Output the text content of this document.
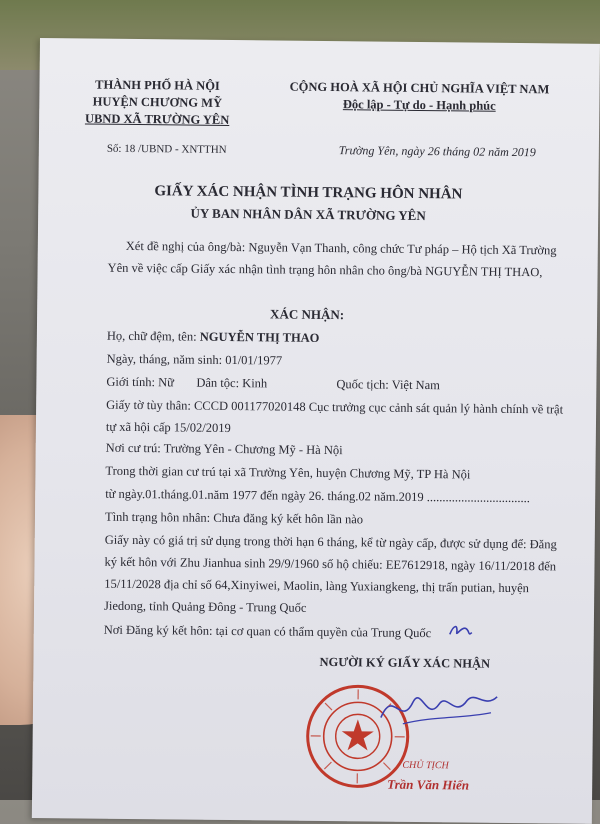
THÀNH PHỐ HÀ NỘI
HUYỆN CHƯƠNG MỸ
UBND XÃ TRƯỜNG YÊN
CỘNG HOÀ XÃ HỘI CHỦ NGHĨA VIỆT NAM
Độc lập - Tự do - Hạnh phúc
Số: 18 /UBND - XNTTHN	Trường Yên, ngày 26 tháng 02 năm 2019
GIẤY XÁC NHẬN TÌNH TRẠNG HÔN NHÂN
ỦY BAN NHÂN DÂN XÃ TRƯỜNG YÊN
Xét đề nghị của ông/bà: Nguyễn Vạn Thanh, công chức Tư pháp – Hộ tịch Xã Trường Yên về việc cấp Giấy xác nhận tình trạng hôn nhân cho ông/bà NGUYỄN THỊ THAO,
XÁC NHẬN:
Họ, chữ đệm, tên: NGUYỄN THỊ THAO
Ngày, tháng, năm sinh: 01/01/1977
Giới tính: Nữ Dân tộc: Kinh	Quốc tịch: Việt Nam
Giấy tờ tùy thân: CCCD 001177020148 Cục trưởng cục cảnh sát quản lý hành chính về trật tự xã hội cấp 15/02/2019
Nơi cư trú: Trường Yên - Chương Mỹ - Hà Nội
Trong thời gian cư trú tại xã Trường Yên, huyện Chương Mỹ, TP Hà Nội
từ ngày.01.tháng.01.năm 1977 đến ngày 26. tháng.02 năm.2019 .................................
Tình trạng hôn nhân: Chưa đăng ký kết hôn lần nào
Giấy này có giá trị sử dụng trong thời hạn 6 tháng, kể từ ngày cấp, được sử dụng để: Đăng ký kết hôn với Zhu Jianhua sinh 29/9/1960 số hộ chiếu: EE7612918, ngày 16/11/2018 đến 15/11/2028 địa chỉ số 64,Xinyiwei, Maolin, làng Yuxiangkeng, thị trấn putian, huyện Jiedong, tỉnh Quảng Đông - Trung Quốc
Nơi Đăng ký kết hôn: tại cơ quan có thẩm quyền của Trung Quốc
NGƯỜI KÝ GIẤY XÁC NHẬN
CHỦ TỊCH
Trần Văn Hiển
